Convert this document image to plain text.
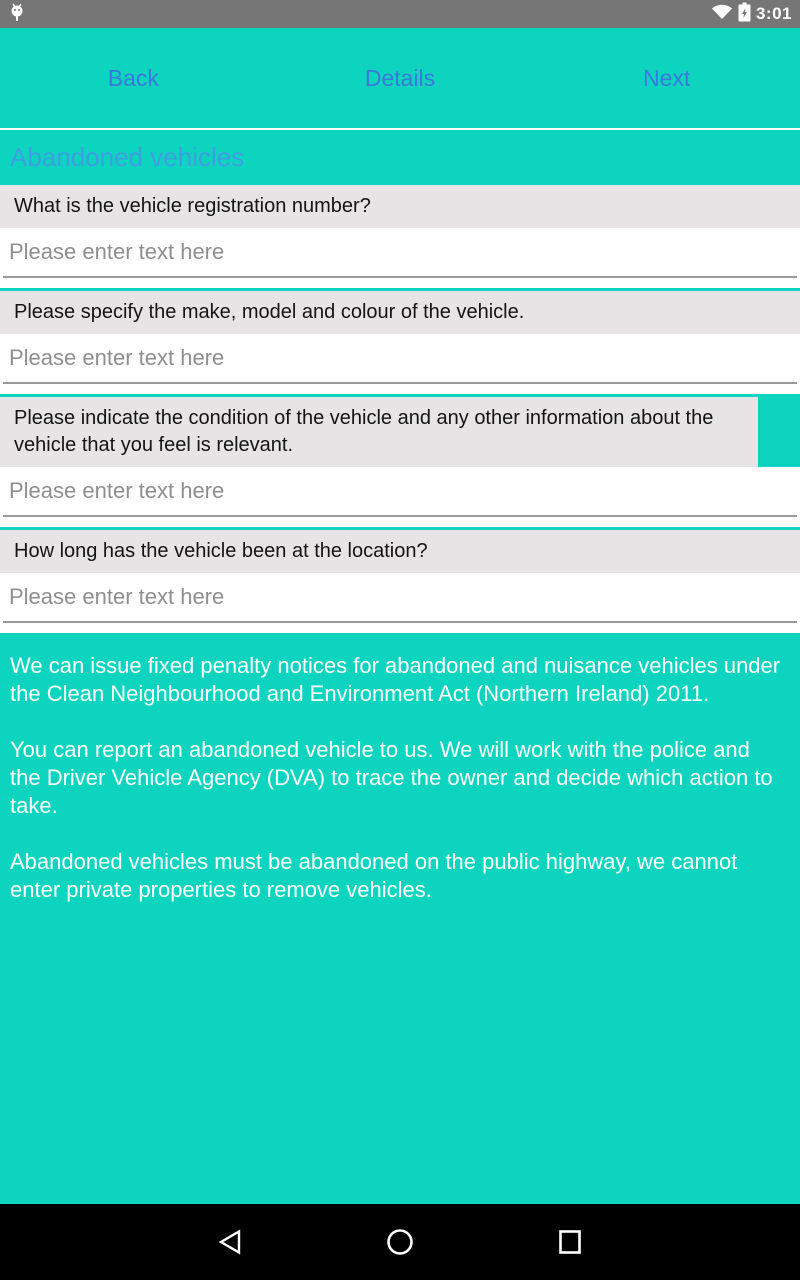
3:01
Back	Details	Next
Abandoned vehicles
What is the vehicle registration number?
Please enter text here
Please specify the make, model and colour of the vehicle.
Please enter text here
Please indicate the condition of the vehicle and any other information about the vehicle that you feel is relevant.
Please enter text here
How long has the vehicle been at the location?
Please enter text here

We can issue fixed penalty notices for abandoned and nuisance vehicles under the Clean Neighbourhood and Environment Act (Northern Ireland) 2011.

You can report an abandoned vehicle to us. We will work with the police and the Driver Vehicle Agency (DVA) to trace the owner and decide which action to take.

Abandoned vehicles must be abandoned on the public highway, we cannot enter private properties to remove vehicles.
